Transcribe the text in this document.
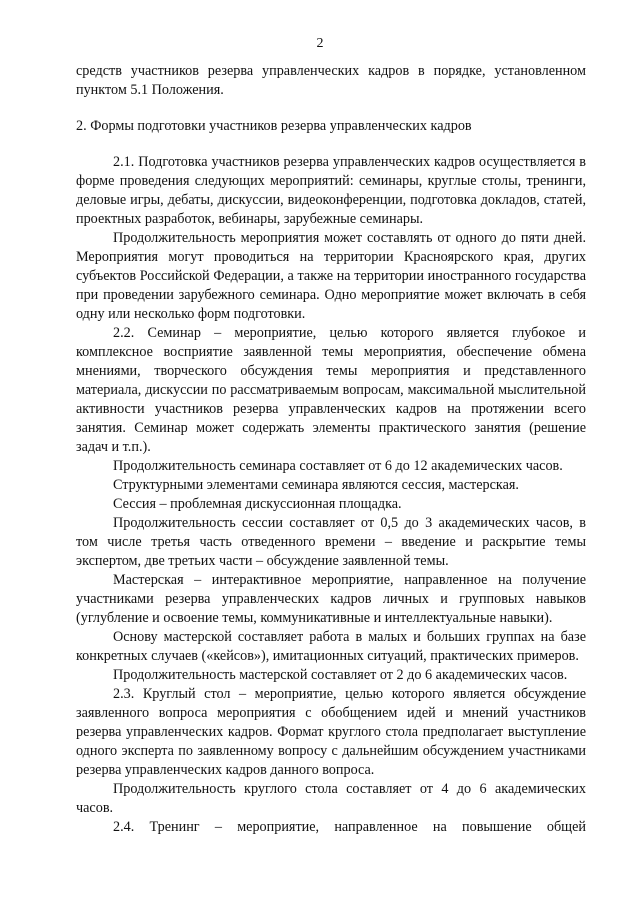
2

средств участников резерва управленческих кадров в порядке, установленном пунктом 5.1 Положения.

2. Формы подготовки участников резерва управленческих кадров

2.1. Подготовка участников резерва управленческих кадров осуществляется в форме проведения следующих мероприятий: семинары, круглые столы, тренинги, деловые игры, дебаты, дискуссии, видеоконференции, подготовка докладов, статей, проектных разработок, вебинары, зарубежные семинары.

Продолжительность мероприятия может составлять от одного до пяти дней. Мероприятия могут проводиться на территории Красноярского края, других субъектов Российской Федерации, а также на территории иностранного государства при проведении зарубежного семинара. Одно мероприятие может включать в себя одну или несколько форм подготовки.

2.2. Семинар – мероприятие, целью которого является глубокое и комплексное восприятие заявленной темы мероприятия, обеспечение обмена мнениями, творческого обсуждения темы мероприятия и представленного материала, дискуссии по рассматриваемым вопросам, максимальной мыслительной активности участников резерва управленческих кадров на протяжении всего занятия. Семинар может содержать элементы практического занятия (решение задач и т.п.).

Продолжительность семинара составляет от 6 до 12 академических часов.

Структурными элементами семинара являются сессия, мастерская.

Сессия – проблемная дискуссионная площадка.

Продолжительность сессии составляет от 0,5 до 3 академических часов, в том числе третья часть отведенного времени – введение и раскрытие темы экспертом, две третьих части – обсуждение заявленной темы.

Мастерская – интерактивное мероприятие, направленное на получение участниками резерва управленческих кадров личных и групповых навыков (углубление и освоение темы, коммуникативные и интеллектуальные навыки).

Основу мастерской составляет работа в малых и больших группах на базе конкретных случаев («кейсов»), имитационных ситуаций, практических примеров.

Продолжительность мастерской составляет от 2 до 6 академических часов.

2.3. Круглый стол – мероприятие, целью которого является обсуждение заявленного вопроса мероприятия с обобщением идей и мнений участников резерва управленческих кадров. Формат круглого стола предполагает выступление одного эксперта по заявленному вопросу с дальнейшим обсуждением участниками резерва управленческих кадров данного вопроса.

Продолжительность круглого стола составляет от 4 до 6 академических часов.

2.4. Тренинг – мероприятие, направленное на повышение общей
